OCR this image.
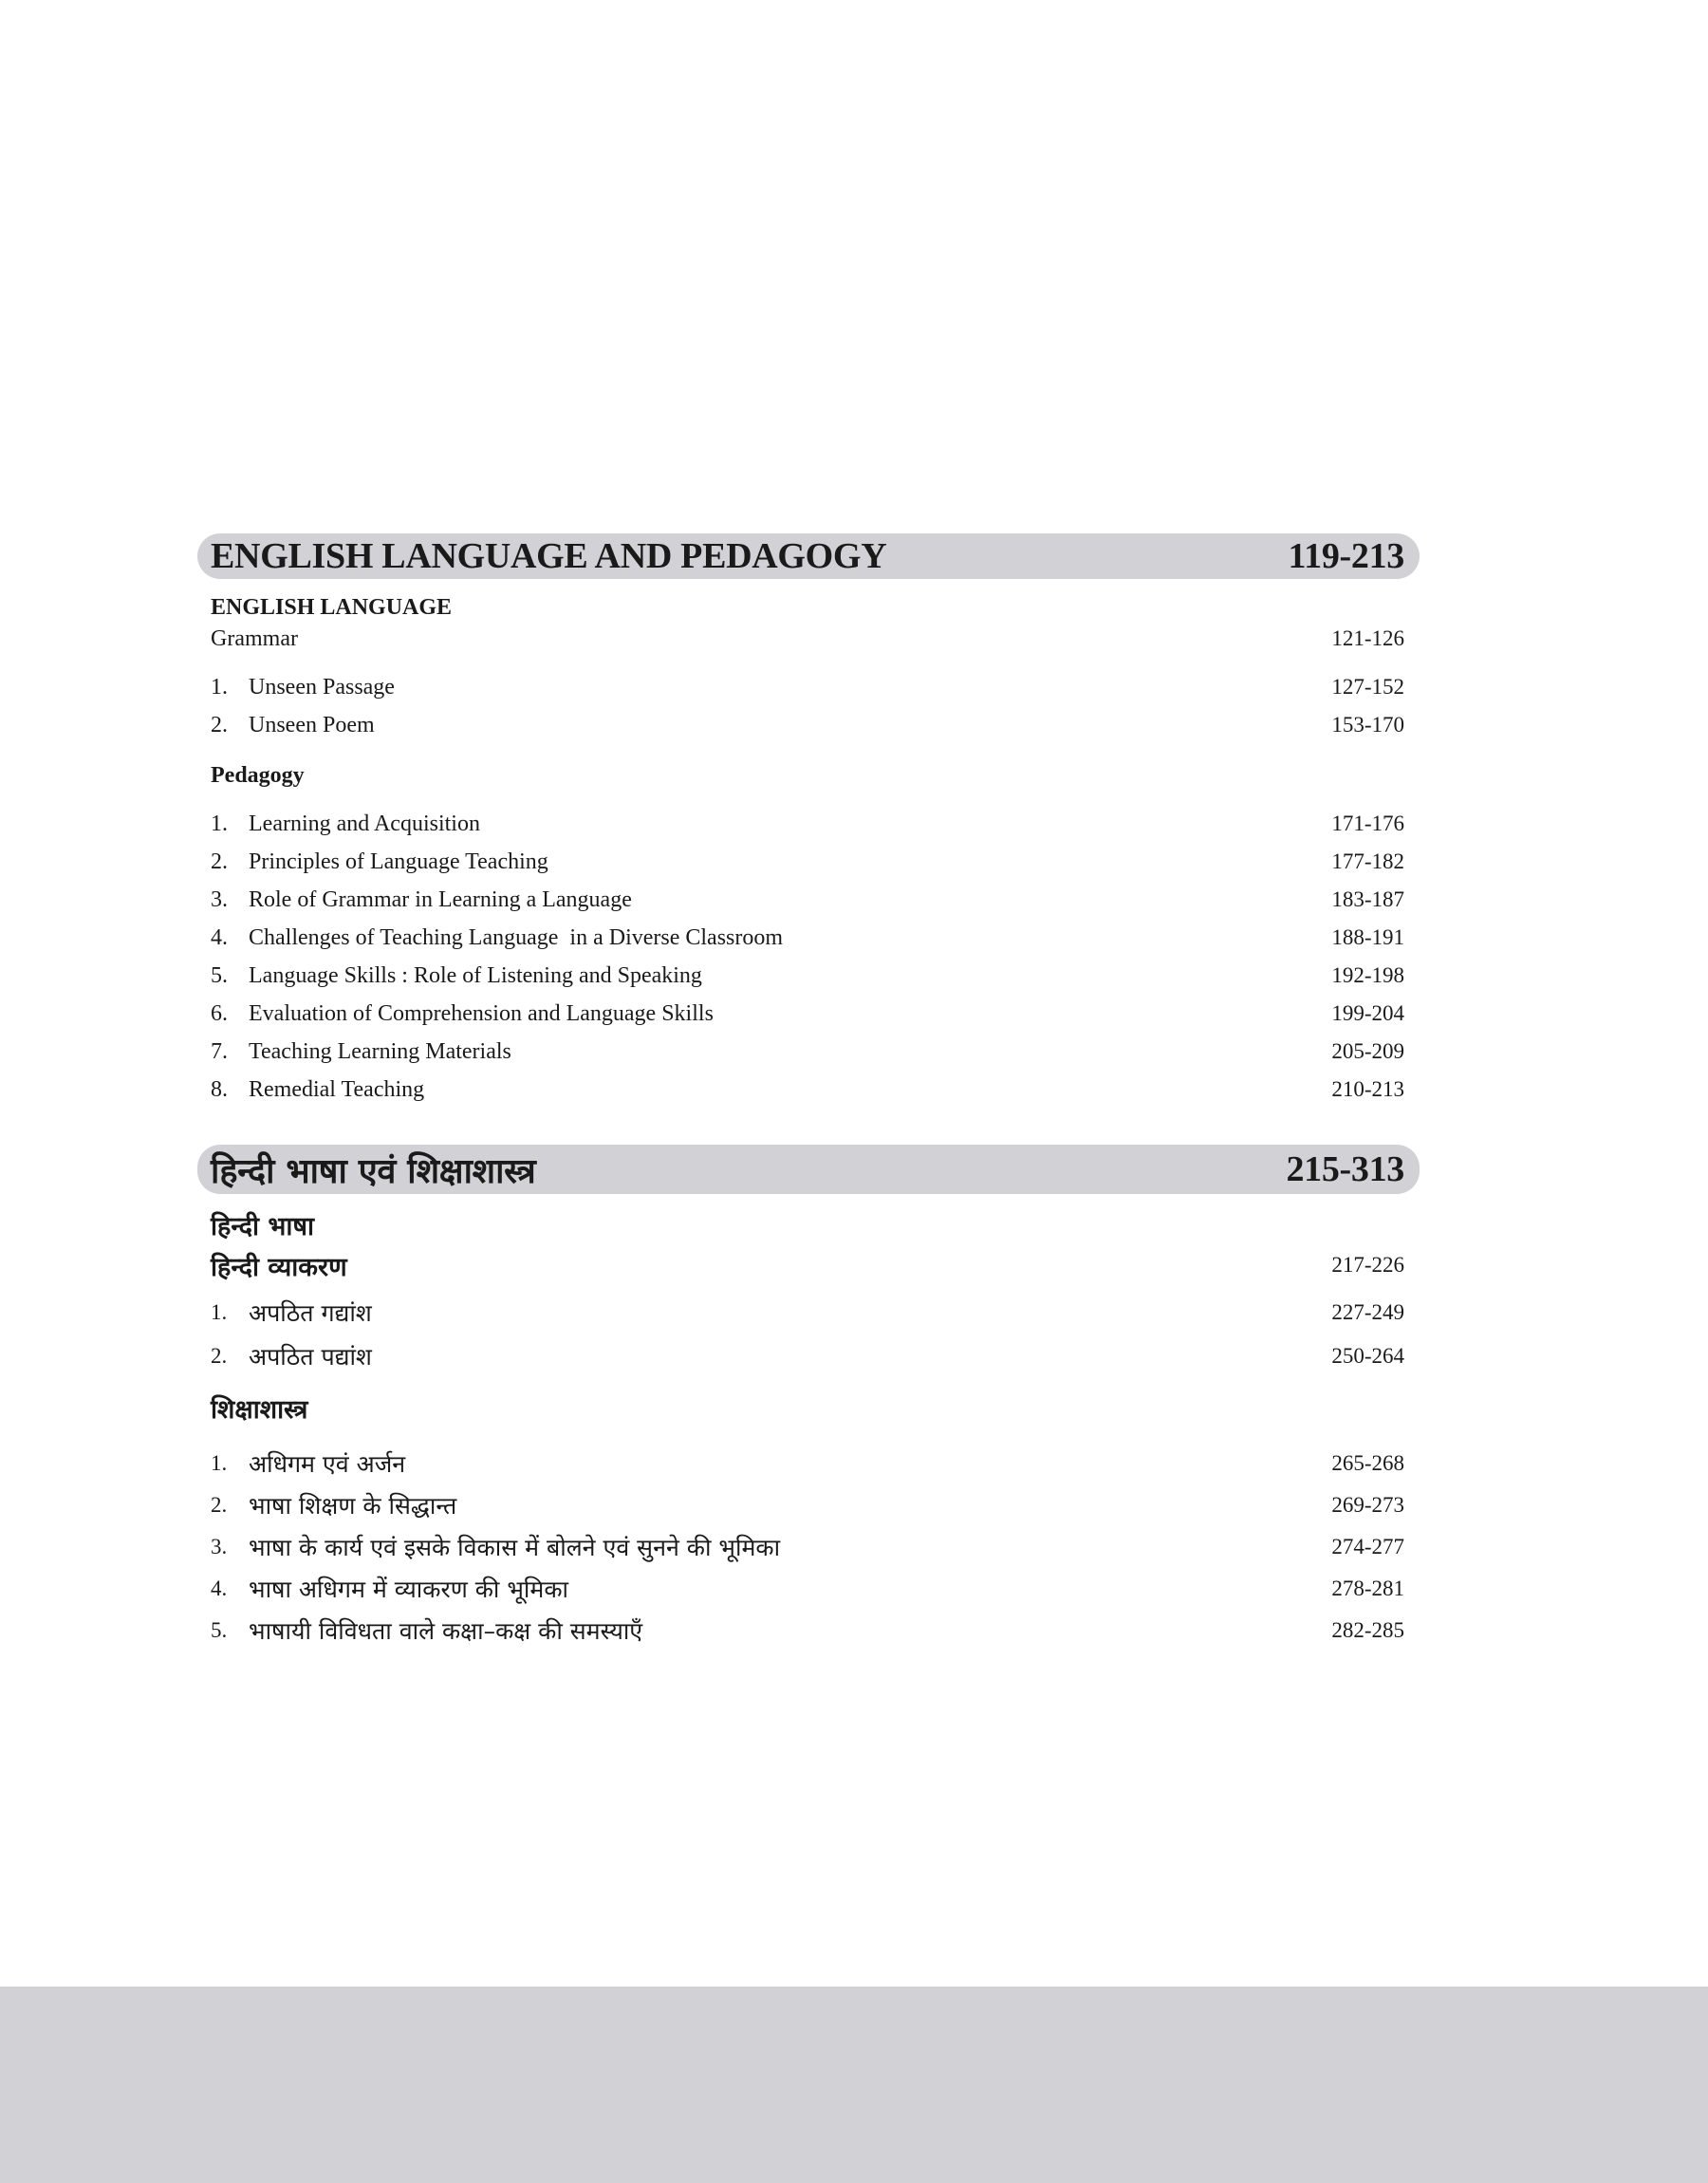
ENGLISH LANGUAGE AND PEDAGOGY	119-213
ENGLISH LANGUAGE
Grammar	121-126
1. Unseen Passage	127-152
2. Unseen Poem	153-170
Pedagogy
1. Learning and Acquisition	171-176
2. Principles of Language Teaching	177-182
3. Role of Grammar in Learning a Language	183-187
4. Challenges of Teaching Language  in a Diverse Classroom	188-191
5. Language Skills : Role of Listening and Speaking	192-198
6. Evaluation of Comprehension and Language Skills	199-204
7. Teaching Learning Materials	205-209
8. Remedial Teaching	210-213
हिन्दी भाषा एवं शिक्षाशास्त्र	215-313
हिन्दी भाषा
हिन्दी व्याकरण	217-226
1. अपठित गद्यांश	227-249
2. अपठित पद्यांश	250-264
शिक्षाशास्त्र
1. अधिगम एवं अर्जन	265-268
2. भाषा शिक्षण के सिद्धान्त	269-273
3. भाषा के कार्य एवं इसके विकास में बोलने एवं सुनने की भूमिका	274-277
4. भाषा अधिगम में व्याकरण की भूमिका	278-281
5. भाषायी विविधता वाले कक्षा–कक्ष की समस्याएँ	282-285
